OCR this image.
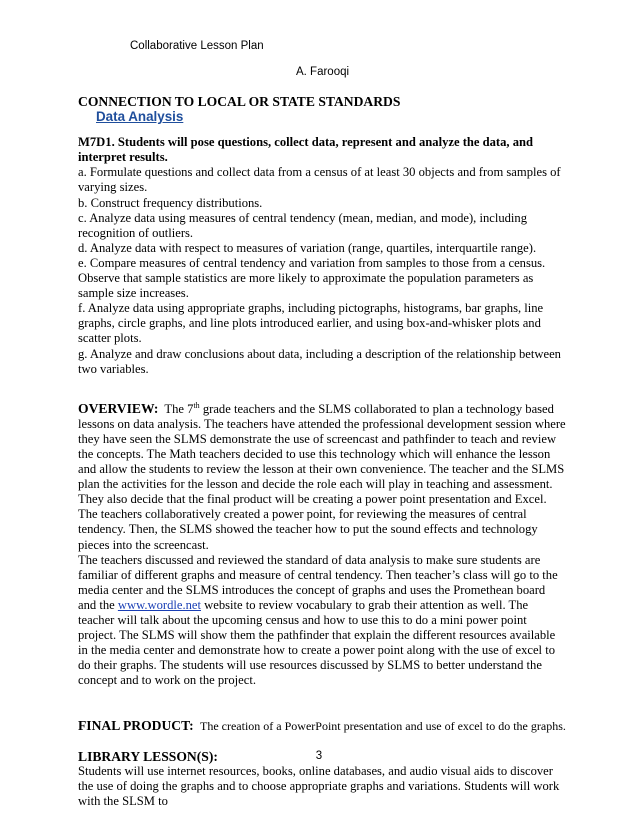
Collaborative Lesson Plan
A. Farooqi

CONNECTION TO LOCAL OR STATE STANDARDS

Data Analysis

M7D1. Students will pose questions, collect data, represent and analyze the data, and interpret results.

a. Formulate questions and collect data from a census of at least 30 objects and from samples of varying sizes.

b. Construct frequency distributions.

c. Analyze data using measures of central tendency (mean, median, and mode), including recognition of outliers.

d. Analyze data with respect to measures of variation (range, quartiles, interquartile range).

e. Compare measures of central tendency and variation from samples to those from a census. Observe that sample statistics are more likely to approximate the population parameters as sample size increases.

f. Analyze data using appropriate graphs, including pictographs, histograms, bar graphs, line graphs, circle graphs, and line plots introduced earlier, and using box-and-whisker plots and scatter plots.

g. Analyze and draw conclusions about data, including a description of the relationship between two variables.

OVERVIEW: The 7th grade teachers and the SLMS collaborated to plan a technology based lessons on data analysis. The teachers have attended the professional development session where they have seen the SLMS demonstrate the use of screencast and pathfinder to teach and review the concepts. The Math teachers decided to use this technology which will enhance the lesson and allow the students to review the lesson at their own convenience. The teacher and the SLMS plan the activities for the lesson and decide the role each will play in teaching and assessment. They also decide that the final product will be creating a power point presentation and Excel. The teachers collaboratively created a power point, for reviewing the measures of central tendency. Then, the SLMS showed the teacher how to put the sound effects and technology pieces into the screencast.

The teachers discussed and reviewed the standard of data analysis to make sure students are familiar of different graphs and measure of central tendency. Then teacher’s class will go to the media center and the SLMS introduces the concept of graphs and uses the Promethean board and the www.wordle.net website to review vocabulary to grab their attention as well. The teacher will talk about the upcoming census and how to use this to do a mini power point project. The SLMS will show them the pathfinder that explain the different resources available in the media center and demonstrate how to create a power point along with the use of excel to do their graphs. The students will use resources discussed by SLMS to better understand the concept and to work on the project.

FINAL PRODUCT: The creation of a PowerPoint presentation and use of excel to do the graphs.

LIBRARY LESSON(S):

Students will use internet resources, books, online databases, and audio visual aids to discover the use of doing the graphs and to choose appropriate graphs and variations. Students will work with the SLSM to

3
